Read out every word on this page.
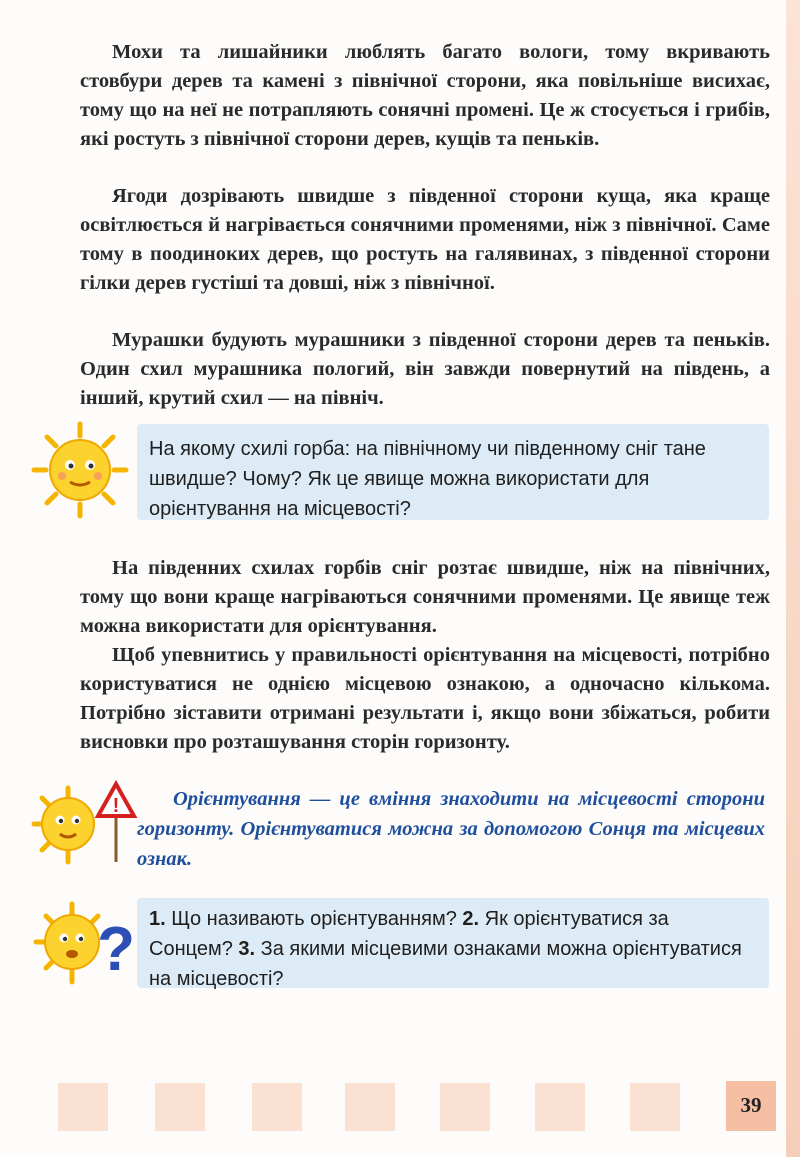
Мохи та лишайники люблять багато вологи, тому вкривають стовбури дерев та камені з північної сторони, яка повільніше висихає, тому що на неї не потрапляють сонячні промені. Це ж стосується і грибів, які ростуть з північної сторони дерев, кущів та пеньків.

Ягоди дозрівають швидше з південної сторони куща, яка краще освітлюється й нагрівається сонячними променями, ніж з північної. Саме тому в поодиноких дерев, що ростуть на галявинах, з південної сторони гілки дерев густіші та довші, ніж з північної.

Мурашки будують мурашники з південної сторони дерев та пеньків. Один схил мурашника пологий, він завжди повернутий на південь, а інший, крутий схил — на північ.

На якому схилі горба: на північному чи південному сніг тане швидше? Чому? Як це явище можна використати для орієнтування на місцевості?

На південних схилах горбів сніг розтає швидше, ніж на північних, тому що вони краще нагріваються сонячними променями. Це явище теж можна використати для орієнтування.

Щоб упевнитись у правильності орієнтування на місцевості, потрібно користуватися не однією місцевою ознакою, а одночасно кількома. Потрібно зіставити отримані результати і, якщо вони збіжаться, робити висновки про розташування сторін горизонту.

!	Орієнтування — це вміння знаходити на місцевості сторони горизонту. Орієнтуватися можна за допомогою Сонця та місцевих ознак.

? 1. Що називають орієнтуванням? 2. Як орієнтуватися за Сонцем? 3. За якими місцевими ознаками можна орієнтуватися на місцевості?
39
